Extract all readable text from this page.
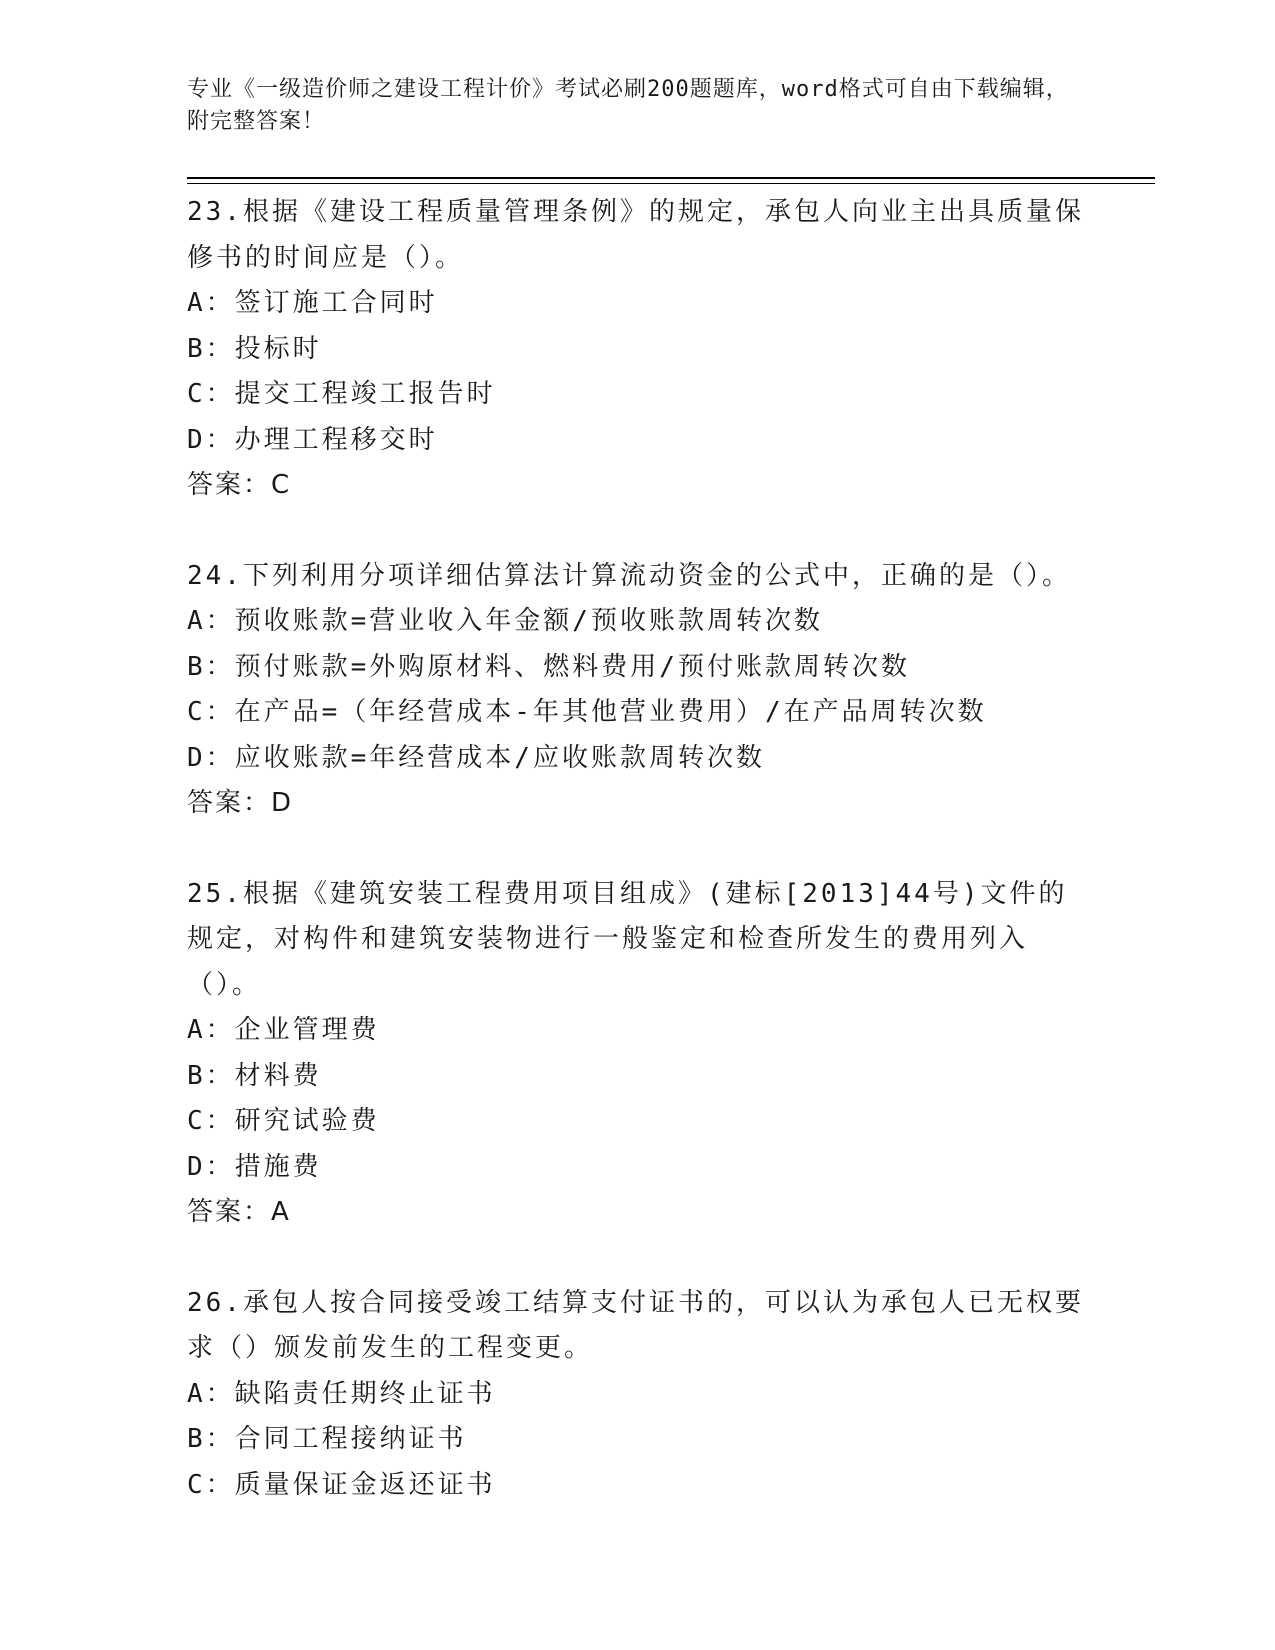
专业《一级造价师之建设工程计价》考试必刷200题题库，word格式可自由下载编辑，附完整答案！
23.根据《建设工程质量管理条例》的规定，承包人向业主出具质量保修书的时间应是（）。
A：签订施工合同时
B：投标时
C：提交工程竣工报告时
D：办理工程移交时
答案：C
24.下列利用分项详细估算法计算流动资金的公式中，正确的是（）。
A：预收账款=营业收入年金额/预收账款周转次数
B：预付账款=外购原材料、燃料费用/预付账款周转次数
C：在产品=（年经营成本-年其他营业费用）/在产品周转次数
D：应收账款=年经营成本/应收账款周转次数
答案：D
25.根据《建筑安装工程费用项目组成》(建标[2013]44号)文件的规定，对构件和建筑安装物进行一般鉴定和检查所发生的费用列入（）。
A：企业管理费
B：材料费
C：研究试验费
D：措施费
答案：A
26.承包人按合同接受竣工结算支付证书的，可以认为承包人已无权要求（）颁发前发生的工程变更。
A：缺陷责任期终止证书
B：合同工程接纳证书
C：质量保证金返还证书
